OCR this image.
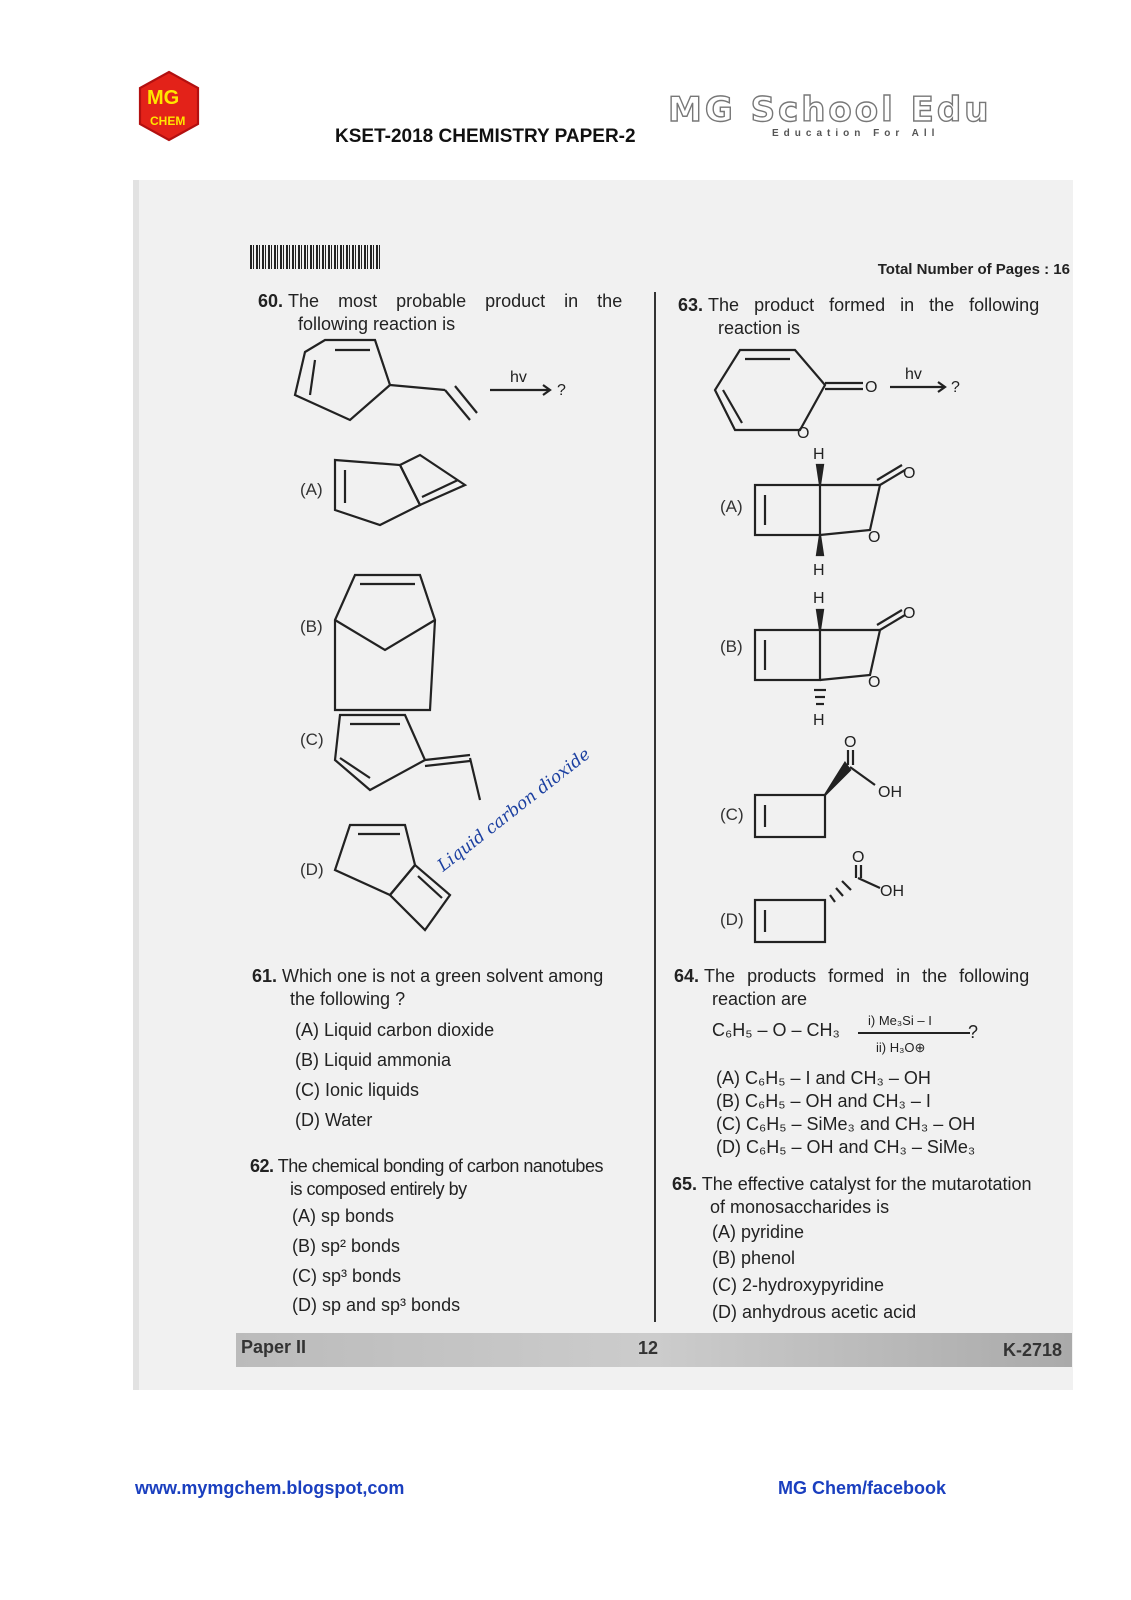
MG
CHEM
KSET-2018 CHEMISTRY PAPER-2
MG School Edu
Education For All
Total Number of Pages : 16
60. The most probable product in the
following reaction is
hv
?
(A)
(B)
(C)
(D)	Liquid carbon dioxide
61. Which one is not a green solvent among
the following ?
(A) Liquid carbon dioxide
(B) Liquid ammonia
(C) Ionic liquids
(D) Water
62. The chemical bonding of carbon nanotubes
is composed entirely by
(A) sp bonds
(B) sp² bonds
(C) sp³ bonds
(D) sp and sp³ bonds
63. The product formed in the following
reaction is
O
O
hv
?
(A)
H
H
O
O
(B)
H
H
O
O
(C)
O
OH
(D)
O
OH
64. The products formed in the following
reaction are
C₆H₅ – O – CH₃ i) Me₃Si – I
?
ii) H₃O⊕
(A) C₆H₅ – I and CH₃ – OH
(B) C₆H₅ – OH and CH₃ – I
(C) C₆H₅ – SiMe₃ and CH₃ – OH
(D) C₆H₅ – OH and CH₃ – SiMe₃
65. The effective catalyst for the mutarotation
of monosaccharides is
(A) pyridine
(B) phenol
(C) 2-hydroxypyridine
(D) anhydrous acetic acid
Paper II	12	K-2718
www.mymgchem.blogspot,com	MG Chem/facebook
